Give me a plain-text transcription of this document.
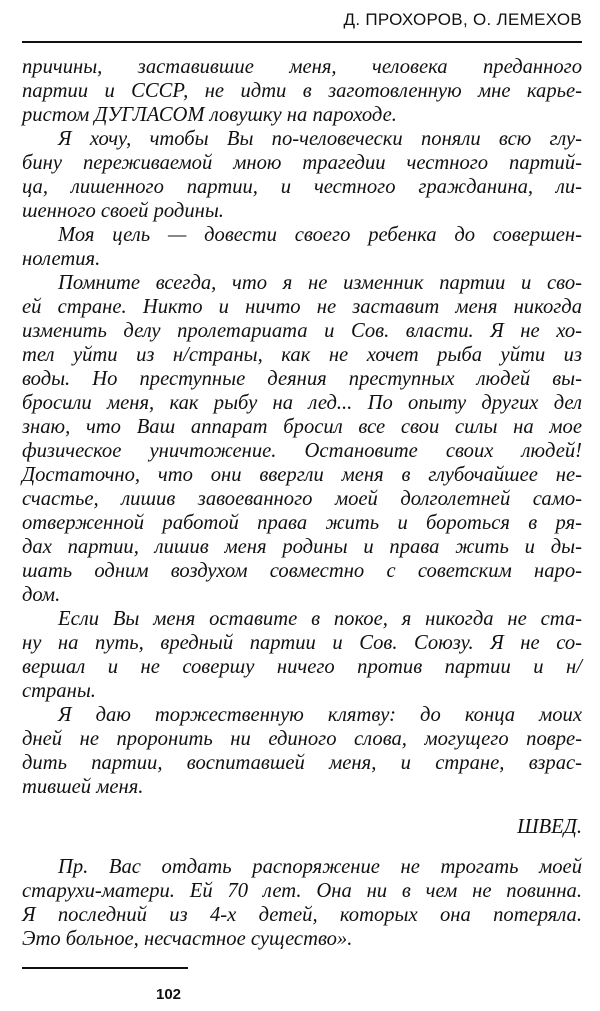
Д. ПРОХОРОВ, О. ЛЕМЕХОВ
причины, заставившие меня, человека преданного
партии и СССР, не идти в заготовленную мне карье-
ристом ДУГЛАСОМ ловушку на пароходе.
Я хочу, чтобы Вы по-человечески поняли всю глу-
бину переживаемой мною трагедии честного партий-
ца, лишенного партии, и честного гражданина, ли-
шенного своей родины.
Моя цель — довести своего ребенка до совершен-
нолетия.
Помните всегда, что я не изменник партии и сво-
ей стране. Никто и ничто не заставит меня никогда
изменить делу пролетариата и Сов. власти. Я не хо-
тел уйти из н/страны, как не хочет рыба уйти из
воды. Но преступные деяния преступных людей вы-
бросили меня, как рыбу на лед... По опыту других дел
знаю, что Ваш аппарат бросил все свои силы на мое
физическое уничтожение. Остановите своих людей!
Достаточно, что они ввергли меня в глубочайшее не-
счастье, лишив завоеванного моей долголетней само-
отверженной работой права жить и бороться в ря-
дах партии, лишив меня родины и права жить и ды-
шать одним воздухом совместно с советским наро-
дом.
Если Вы меня оставите в покое, я никогда не ста-
ну на путь, вредный партии и Сов. Союзу. Я не со-
вершал и не совершу ничего против партии и н/
страны.
Я даю торжественную клятву: до конца моих
дней не проронить ни единого слова, могущего повре-
дить партии, воспитавшей меня, и стране, взрас-
тившей меня.
ШВЕД.
Пр. Вас отдать распоряжение не трогать моей
старухи-матери. Ей 70 лет. Она ни в чем не повинна.
Я последний из 4-х детей, которых она потеряла.
Это больное, несчастное существо».
102
